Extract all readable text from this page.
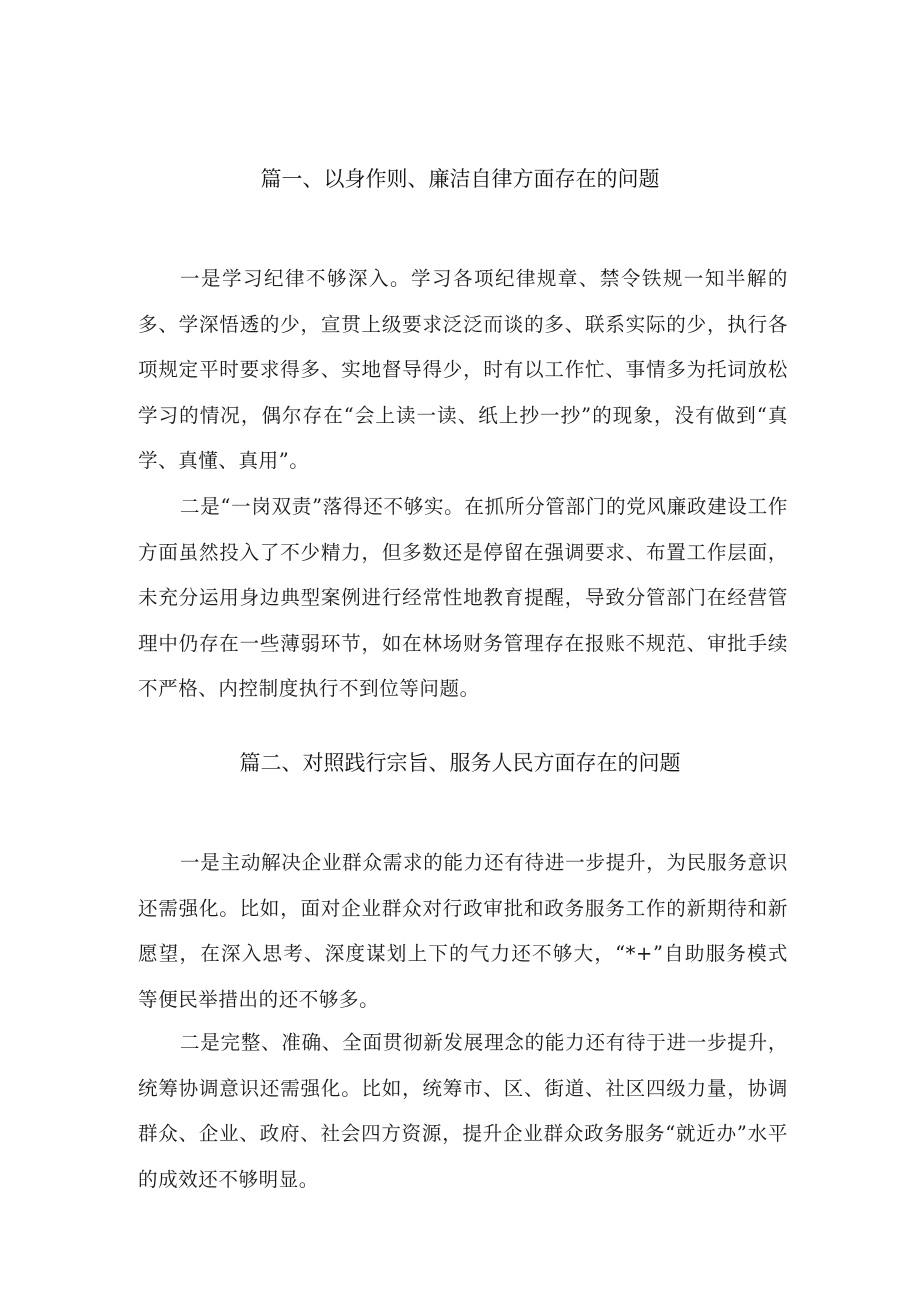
篇一、以身作则、廉洁自律方面存在的问题
一是学习纪律不够深入。学习各项纪律规章、禁令铁规一知半解的多、学深悟透的少，宣贯上级要求泛泛而谈的多、联系实际的少，执行各项规定平时要求得多、实地督导得少，时有以工作忙、事情多为托词放松学习的情况，偶尔存在“会上读一读、纸上抄一抄”的现象，没有做到“真学、真懂、真用”。
二是“一岗双责”落得还不够实。在抓所分管部门的党风廉政建设工作方面虽然投入了不少精力，但多数还是停留在强调要求、布置工作层面，未充分运用身边典型案例进行经常性地教育提醒，导致分管部门在经营管理中仍存在一些薄弱环节，如在林场财务管理存在报账不规范、审批手续不严格、内控制度执行不到位等问题。
篇二、对照践行宗旨、服务人民方面存在的问题
一是主动解决企业群众需求的能力还有待进一步提升，为民服务意识还需强化。比如，面对企业群众对行政审批和政务服务工作的新期待和新愿望，在深入思考、深度谋划上下的气力还不够大，“*+”自助服务模式等便民举措出的还不够多。
二是完整、准确、全面贯彻新发展理念的能力还有待于进一步提升，统筹协调意识还需强化。比如，统筹市、区、街道、社区四级力量，协调群众、企业、政府、社会四方资源，提升企业群众政务服务“就近办”水平的成效还不够明显。
